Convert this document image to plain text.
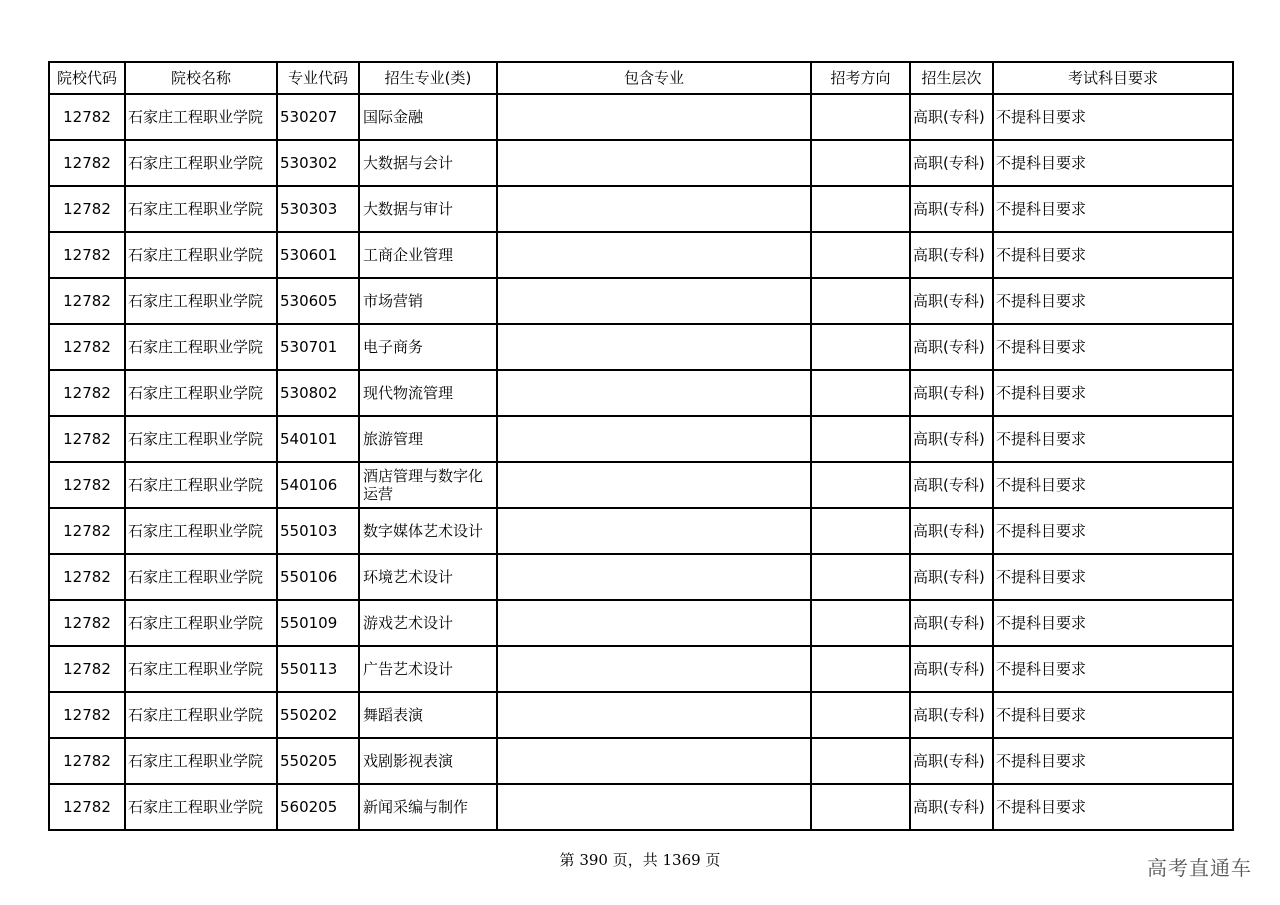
院校代码	院校名称	专业代码	招生专业(类)	包含专业	招考方向	招生层次	考试科目要求
12782	石家庄工程职业学院	530207	国际金融			高职(专科)	不提科目要求
12782	石家庄工程职业学院	530302	大数据与会计			高职(专科)	不提科目要求
12782	石家庄工程职业学院	530303	大数据与审计			高职(专科)	不提科目要求
12782	石家庄工程职业学院	530601	工商企业管理			高职(专科)	不提科目要求
12782	石家庄工程职业学院	530605	市场营销			高职(专科)	不提科目要求
12782	石家庄工程职业学院	530701	电子商务			高职(专科)	不提科目要求
12782	石家庄工程职业学院	530802	现代物流管理			高职(专科)	不提科目要求
12782	石家庄工程职业学院	540101	旅游管理			高职(专科)	不提科目要求
12782	石家庄工程职业学院	540106	酒店管理与数字化运营			高职(专科)	不提科目要求
12782	石家庄工程职业学院	550103	数字媒体艺术设计			高职(专科)	不提科目要求
12782	石家庄工程职业学院	550106	环境艺术设计			高职(专科)	不提科目要求
12782	石家庄工程职业学院	550109	游戏艺术设计			高职(专科)	不提科目要求
12782	石家庄工程职业学院	550113	广告艺术设计			高职(专科)	不提科目要求
12782	石家庄工程职业学院	550202	舞蹈表演			高职(专科)	不提科目要求
12782	石家庄工程职业学院	550205	戏剧影视表演			高职(专科)	不提科目要求
12782	石家庄工程职业学院	560205	新闻采编与制作			高职(专科)	不提科目要求
第 390 页，共 1369 页	高考直通车
